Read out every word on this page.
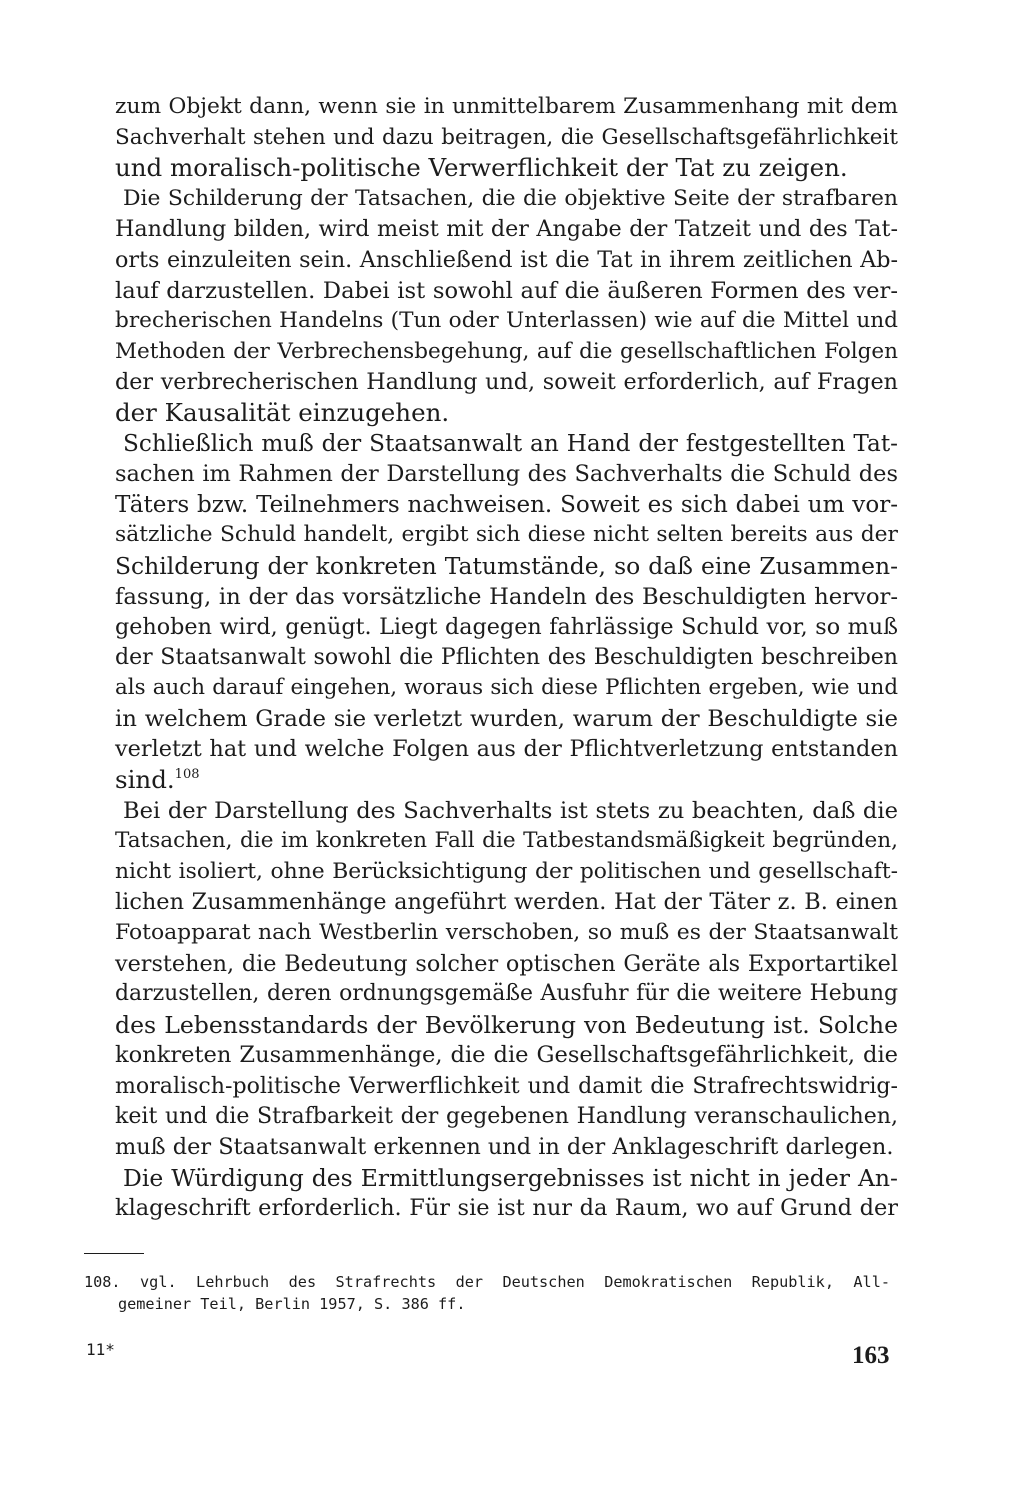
zum Objekt dann, wenn sie in unmittelbarem Zusammenhang mit dem
Sachverhalt stehen und dazu beitragen, die Gesellschaftsgefährlichkeit
und moralisch-politische Verwerflichkeit der Tat zu zeigen.
Die Schilderung der Tatsachen, die die objektive Seite der strafbaren
Handlung bilden, wird meist mit der Angabe der Tatzeit und des Tat-
orts einzuleiten sein. Anschließend ist die Tat in ihrem zeitlichen Ab-
lauf darzustellen. Dabei ist sowohl auf die äußeren Formen des ver-
brecherischen Handelns (Tun oder Unterlassen) wie auf die Mittel und
Methoden der Verbrechensbegehung, auf die gesellschaftlichen Folgen
der verbrecherischen Handlung und, soweit erforderlich, auf Fragen
der Kausalität einzugehen.
Schließlich muß der Staatsanwalt an Hand der festgestellten Tat-
sachen im Rahmen der Darstellung des Sachverhalts die Schuld des
Täters bzw. Teilnehmers nachweisen. Soweit es sich dabei um vor-
sätzliche Schuld handelt, ergibt sich diese nicht selten bereits aus der
Schilderung der konkreten Tatumstände, so daß eine Zusammen-
fassung, in der das vorsätzliche Handeln des Beschuldigten hervor-
gehoben wird, genügt. Liegt dagegen fahrlässige Schuld vor, so muß
der Staatsanwalt sowohl die Pflichten des Beschuldigten beschreiben
als auch darauf eingehen, woraus sich diese Pflichten ergeben, wie und
in welchem Grade sie verletzt wurden, warum der Beschuldigte sie
verletzt hat und welche Folgen aus der Pflichtverletzung entstanden
sind.$^{108}$
Bei der Darstellung des Sachverhalts ist stets zu beachten, daß die
Tatsachen, die im konkreten Fall die Tatbestandsmäßigkeit begründen,
nicht isoliert, ohne Berücksichtigung der politischen und gesellschaft-
lichen Zusammenhänge angeführt werden. Hat der Täter z. B. einen
Fotoapparat nach Westberlin verschoben, so muß es der Staatsanwalt
verstehen, die Bedeutung solcher optischen Geräte als Exportartikel
darzustellen, deren ordnungsgemäße Ausfuhr für die weitere Hebung
des Lebensstandards der Bevölkerung von Bedeutung ist. Solche
konkreten Zusammenhänge, die die Gesellschaftsgefährlichkeit, die
moralisch-politische Verwerflichkeit und damit die Strafrechtswidrig-
keit und die Strafbarkeit der gegebenen Handlung veranschaulichen,
muß der Staatsanwalt erkennen und in der Anklageschrift darlegen.
Die Würdigung des Ermittlungsergebnisses ist nicht in jeder An-
klageschrift erforderlich. Für sie ist nur da Raum, wo auf Grund der
108. vgl. Lehrbuch des Strafrechts der Deutschen Demokratischen Republik, All-
gemeiner Teil, Berlin 1957, S. 386 ff.
11*	163
